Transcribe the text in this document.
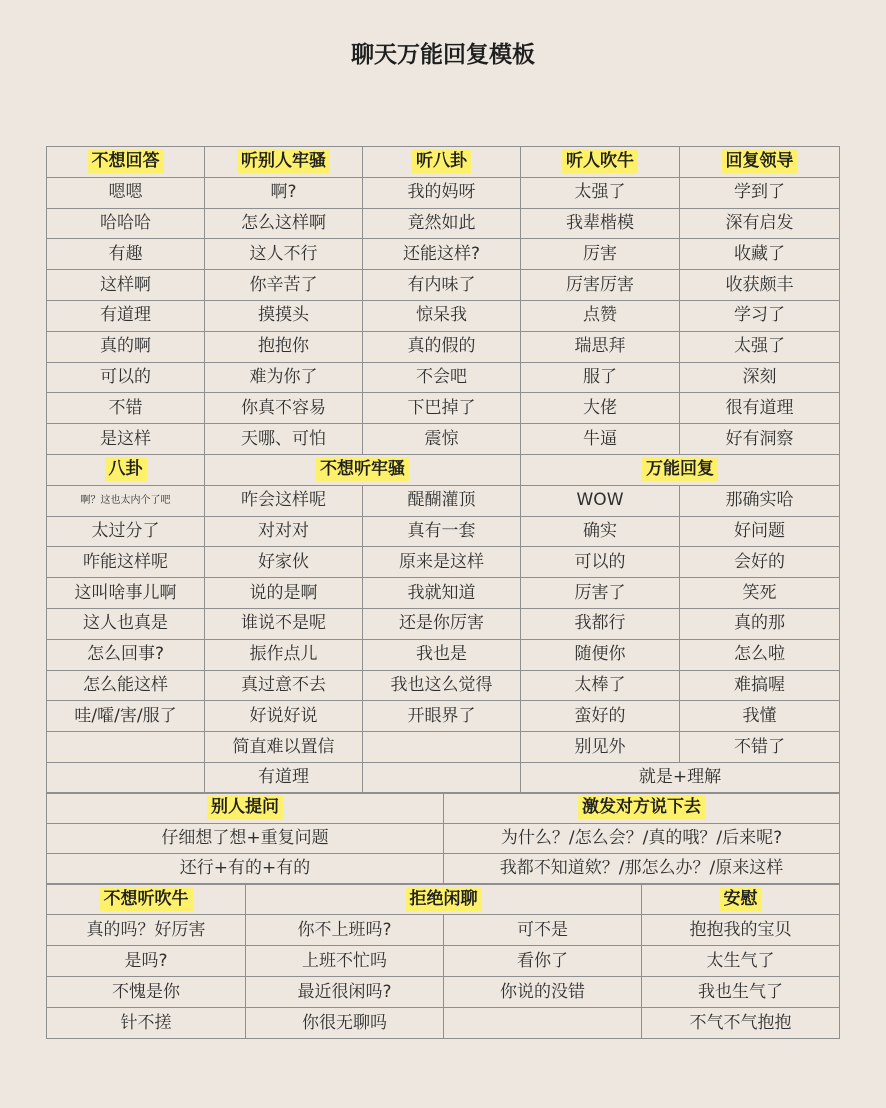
聊天万能回复模板
不想回答	听别人牢骚	听八卦	听人吹牛	回复领导
嗯嗯	啊?	我的妈呀	太强了	学到了
哈哈哈	怎么这样啊	竟然如此	我辈楷模	深有启发
有趣	这人不行	还能这样?	厉害	收藏了
这样啊	你辛苦了	有内味了	厉害厉害	收获颇丰
有道理	摸摸头	惊呆我	点赞	学习了
真的啊	抱抱你	真的假的	瑞思拜	太强了
可以的	难为你了	不会吧	服了	深刻
不错	你真不容易	下巴掉了	大佬	很有道理
是这样	天哪、可怕	震惊	牛逼	好有洞察
八卦	不想听牢骚		万能回复	
啊？这也太内个了吧	咋会这样呢	醍醐灌顶	WOW	那确实哈
太过分了	对对对	真有一套	确实	好问题
咋能这样呢	好家伙	原来是这样	可以的	会好的
这叫啥事儿啊	说的是啊	我就知道	厉害了	笑死
这人也真是	谁说不是呢	还是你厉害	我都行	真的那
怎么回事?	振作点儿	我也是	随便你	怎么啦
怎么能这样	真过意不去	我也这么觉得	太棒了	难搞喔
哇/嚯/害/服了	好说好说	开眼界了	蛮好的	我懂
	简直难以置信		别见外	不错了
	有道理		就是+理解	
别人提问	激发对方说下去
仔细想了想+重复问题	为什么？/怎么会？/真的哦？/后来呢?
还行+有的+有的	我都不知道欸？/那怎么办？/原来这样
不想听吹牛	拒绝闲聊		安慰
真的吗？好厉害	你不上班吗?	可不是	抱抱我的宝贝
是吗?	上班不忙吗	看你了	太生气了
不愧是你	最近很闲吗?	你说的没错	我也生气了
针不搓	你很无聊吗		不气不气抱抱
